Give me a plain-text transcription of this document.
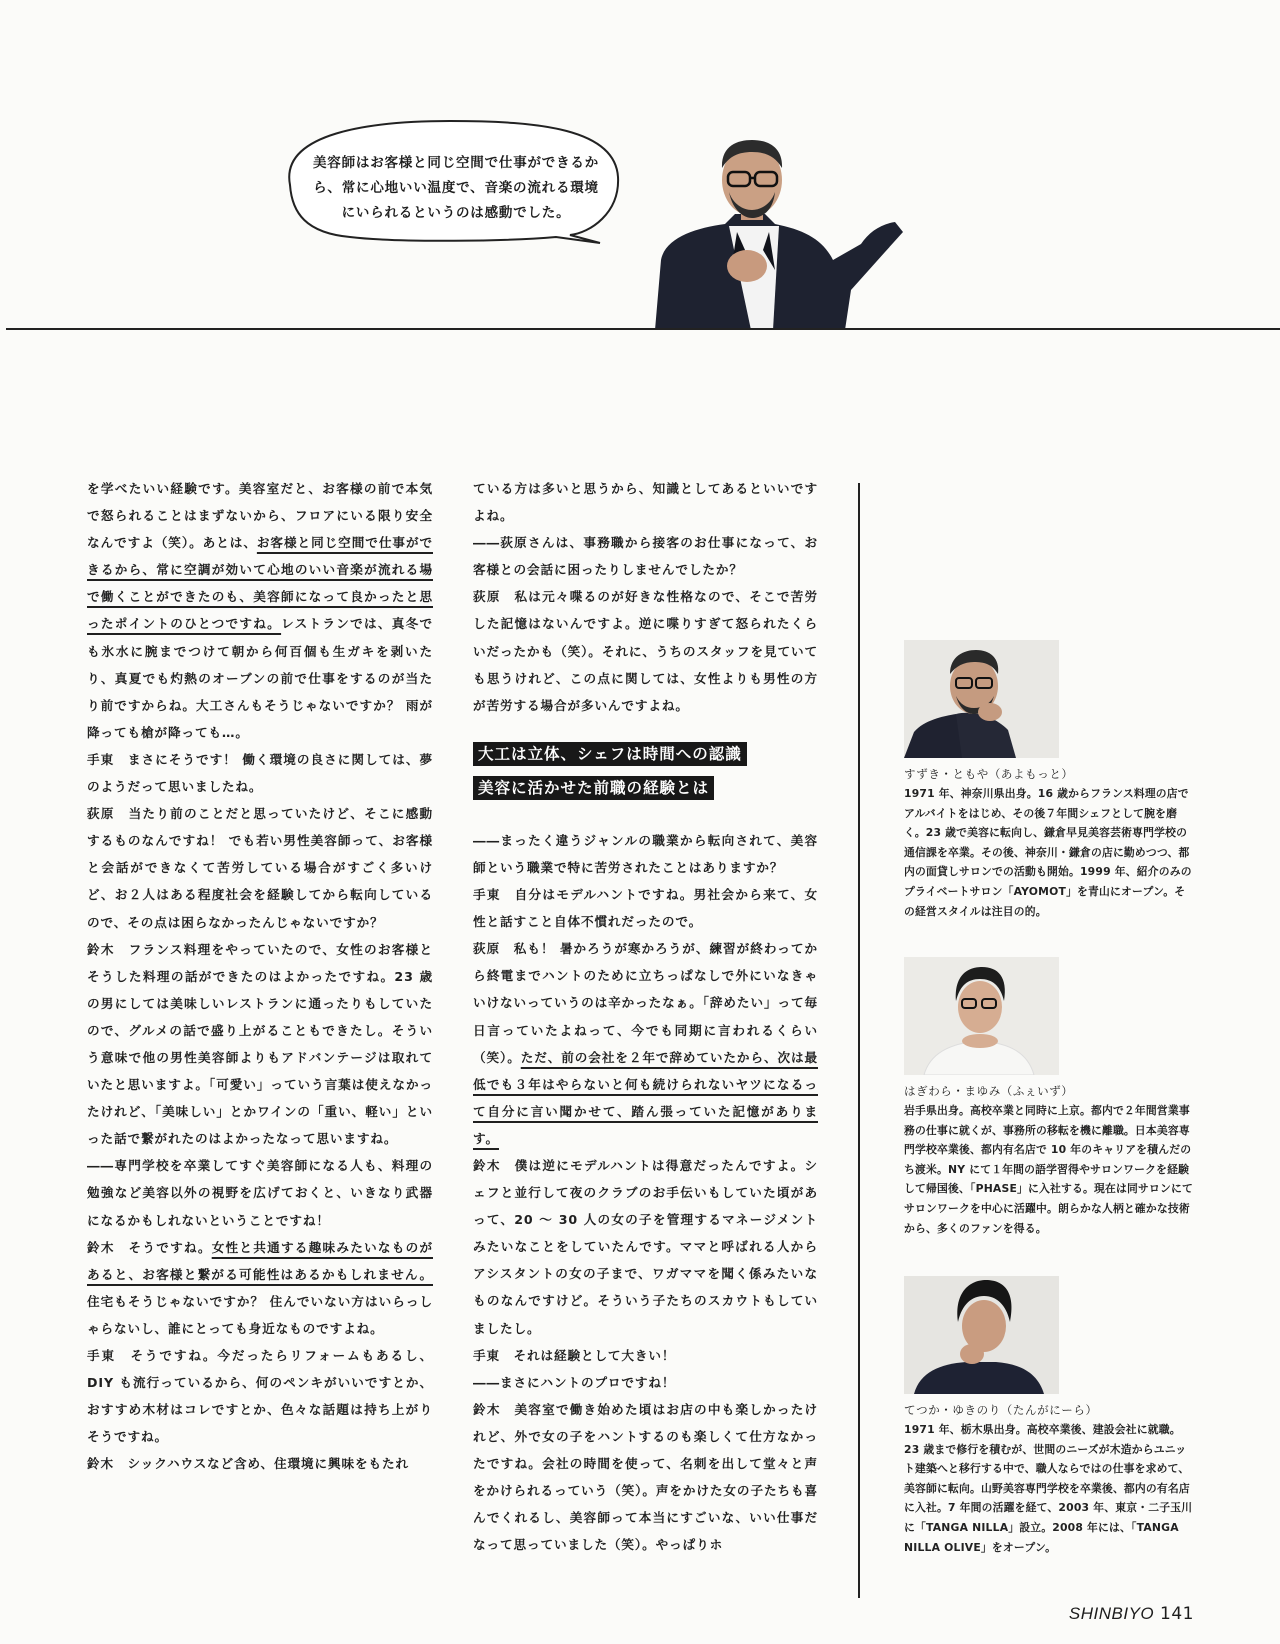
美容師はお客様と同じ空間で仕事ができるから、常に心地いい温度で、音楽の流れる環境にいられるというのは感動でした。

を学べたいい経験です。美容室だと、お客様の前で本気で怒られることはまずないから、フロアにいる限り安全なんですよ（笑）。あとは、お客様と同じ空間で仕事ができるから、常に空調が効いて心地のいい音楽が流れる場で働くことができたのも、美容師になって良かったと思ったポイントのひとつですね。レストランでは、真冬でも氷水に腕までつけて朝から何百個も生ガキを剥いたり、真夏でも灼熱のオーブンの前で仕事をするのが当たり前ですからね。大工さんもそうじゃないですか？ 雨が降っても槍が降っても…。
手東　まさにそうです！ 働く環境の良さに関しては、夢のようだって思いましたね。
荻原　当たり前のことだと思っていたけど、そこに感動するものなんですね！ でも若い男性美容師って、お客様と会話ができなくて苦労している場合がすごく多いけど、お２人はある程度社会を経験してから転向しているので、その点は困らなかったんじゃないですか？
鈴木　フランス料理をやっていたので、女性のお客様とそうした料理の話ができたのはよかったですね。23 歳の男にしては美味しいレストランに通ったりもしていたので、グルメの話で盛り上がることもできたし。そういう意味で他の男性美容師よりもアドバンテージは取れていたと思いますよ。「可愛い」っていう言葉は使えなかったけれど、「美味しい」とかワインの「重い、軽い」といった話で繋がれたのはよかったなって思いますね。
――専門学校を卒業してすぐ美容師になる人も、料理の勉強など美容以外の視野を広げておくと、いきなり武器になるかもしれないということですね！
鈴木　そうですね。女性と共通する趣味みたいなものがあると、お客様と繋がる可能性はあるかもしれません。住宅もそうじゃないですか？ 住んでいない方はいらっしゃらないし、誰にとっても身近なものですよね。
手東　そうですね。今だったらリフォームもあるし、DIY も流行っているから、何のペンキがいいですとか、おすすめ木材はコレですとか、色々な話題は持ち上がりそうですね。
鈴木　シックハウスなど含め、住環境に興味をもたれ

ている方は多いと思うから、知識としてあるといいですよね。
――荻原さんは、事務職から接客のお仕事になって、お客様との会話に困ったりしませんでしたか？
荻原　私は元々喋るのが好きな性格なので、そこで苦労した記憶はないんですよ。逆に喋りすぎて怒られたくらいだったかも（笑）。それに、うちのスタッフを見ていても思うけれど、この点に関しては、女性よりも男性の方が苦労する場合が多いんですよね。

大工は立体、シェフは時間への認識
美容に活かせた前職の経験とは

――まったく違うジャンルの職業から転向されて、美容師という職業で特に苦労されたことはありますか？
手東　自分はモデルハントですね。男社会から来て、女性と話すこと自体不慣れだったので。
荻原　私も！ 暑かろうが寒かろうが、練習が終わってから終電までハントのために立ちっぱなしで外にいなきゃいけないっていうのは辛かったなぁ。「辞めたい」って毎日言っていたよねって、今でも同期に言われるくらい（笑）。ただ、前の会社を２年で辞めていたから、次は最低でも３年はやらないと何も続けられないヤツになるって自分に言い聞かせて、踏ん張っていた記憶があります。
鈴木　僕は逆にモデルハントは得意だったんですよ。シェフと並行して夜のクラブのお手伝いもしていた頃があって、20 ～ 30 人の女の子を管理するマネージメントみたいなことをしていたんです。ママと呼ばれる人からアシスタントの女の子まで、ワガママを聞く係みたいなものなんですけど。そういう子たちのスカウトもしていましたし。
手東　それは経験として大きい！
――まさにハントのプロですね！
鈴木　美容室で働き始めた頃はお店の中も楽しかったけれど、外で女の子をハントするのも楽しくて仕方なかったですね。会社の時間を使って、名刺を出して堂々と声をかけられるっていう（笑）。声をかけた女の子たちも喜んでくれるし、美容師って本当にすごいな、いい仕事だなって思っていました（笑）。やっぱりホ

すずき・ともや（あよもっと）
1971 年、神奈川県出身。16 歳からフランス料理の店でアルバイトをはじめ、その後７年間シェフとして腕を磨く。23 歳で美容に転向し、鎌倉早見美容芸術専門学校の通信課を卒業。その後、神奈川・鎌倉の店に勤めつつ、都内の面貸しサロンでの活動も開始。1999 年、紹介のみのプライベートサロン「AYOMOT」を青山にオープン。その経営スタイルは注目の的。
はぎわら・まゆみ（ふぇいず）
岩手県出身。高校卒業と同時に上京。都内で２年間営業事務の仕事に就くが、事務所の移転を機に離職。日本美容専門学校卒業後、都内有名店で 10 年のキャリアを積んだのち渡米。NY にて１年間の語学習得やサロンワークを経験して帰国後、「PHASE」に入社する。現在は同サロンにてサロンワークを中心に活躍中。朗らかな人柄と確かな技術から、多くのファンを得る。
てつか・ゆきのり（たんがにーら）
1971 年、栃木県出身。高校卒業後、建設会社に就職。23 歳まで修行を積むが、世間のニーズが木造からユニット建築へと移行する中で、職人ならではの仕事を求めて、美容師に転向。山野美容専門学校を卒業後、都内の有名店に入社。7 年間の活躍を経て、2003 年、東京・二子玉川に「TANGA NILLA」設立。2008 年には、「TANGA NILLA OLIVE」をオープン。
SHINBIYO 141
